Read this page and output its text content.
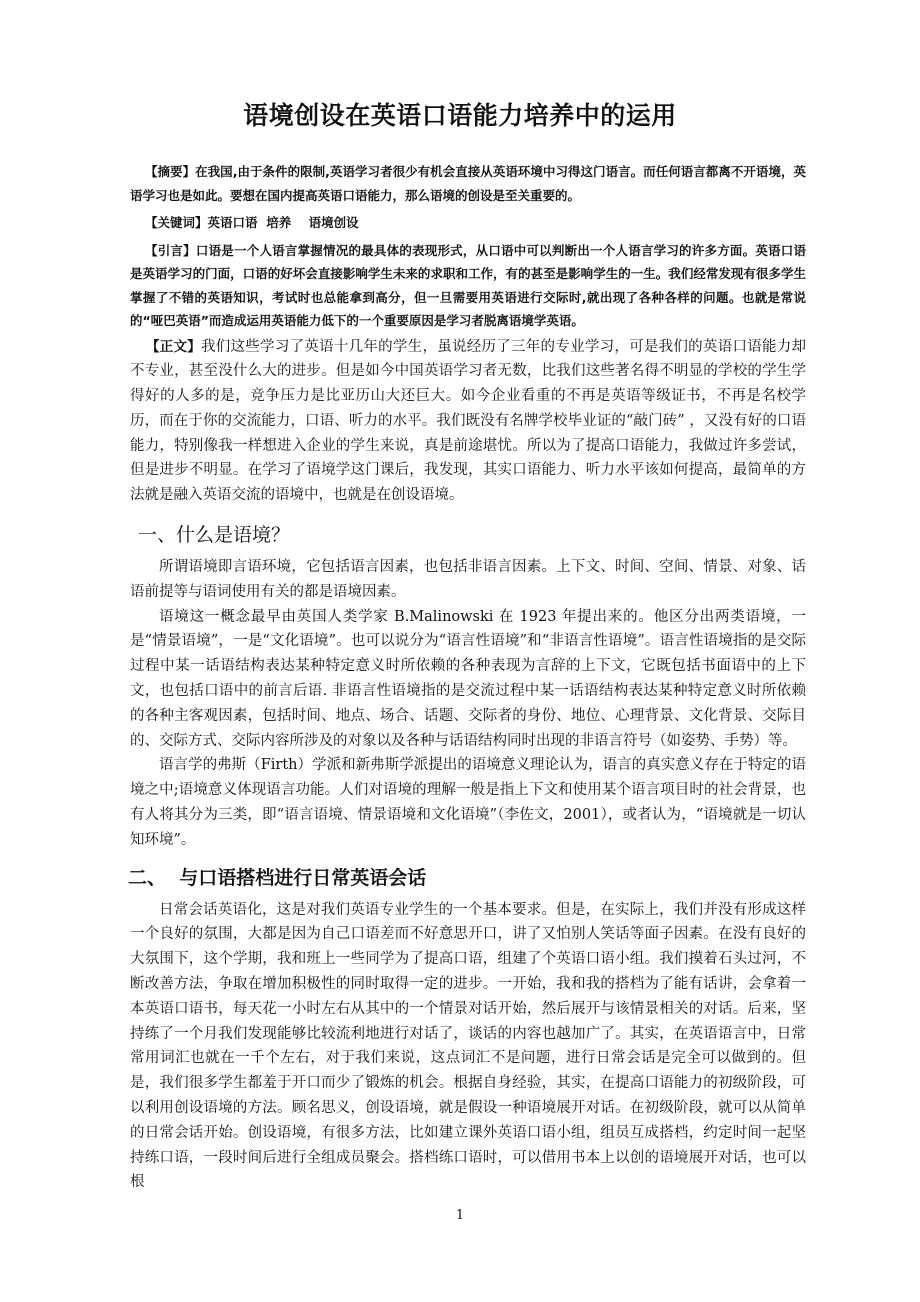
语境创设在英语口语能力培养中的运用

【摘要】在我国,由于条件的限制,英语学习者很少有机会直接从英语环境中习得这门语言。而任何语言都离不开语境，英语学习也是如此。要想在国内提高英语口语能力，那么语境的创设是至关重要的。

【关键词】英语口语  培养    语境创设

【引言】口语是一个人语言掌握情况的最具体的表现形式，从口语中可以判断出一个人语言学习的许多方面。英语口语是英语学习的门面，口语的好坏会直接影响学生未来的求职和工作，有的甚至是影响学生的一生。我们经常发现有很多学生掌握了不错的英语知识，考试时也总能拿到高分，但一旦需要用英语进行交际时,就出现了各种各样的问题。也就是常说的“哑巴英语”而造成运用英语能力低下的一个重要原因是学习者脱离语境学英语。

【正文】我们这些学习了英语十几年的学生，虽说经历了三年的专业学习，可是我们的英语口语能力却不专业，甚至没什么大的进步。但是如今中国英语学习者无数，比我们这些著名得不明显的学校的学生学得好的人多的是，竞争压力是比亚历山大还巨大。如今企业看重的不再是英语等级证书，不再是名校学历，而在于你的交流能力，口语、听力的水平。我们既没有名牌学校毕业证的“敲门砖” ，又没有好的口语能力，特别像我一样想进入企业的学生来说，真是前途堪忧。所以为了提高口语能力，我做过许多尝试，但是进步不明显。在学习了语境学这门课后，我发现，其实口语能力、听力水平该如何提高，最简单的方法就是融入英语交流的语境中，也就是在创设语境。

一、什么是语境？

所谓语境即言语环境，它包括语言因素，也包括非语言因素。上下文、时间、空间、情景、对象、话语前提等与语词使用有关的都是语境因素。

语境这一概念最早由英国人类学家 B.Malinowski 在 1923 年提出来的。他区分出两类语境，一是“情景语境”，一是“文化语境”。也可以说分为“语言性语境”和“非语言性语境”。语言性语境指的是交际过程中某一话语结构表达某种特定意义时所依赖的各种表现为言辞的上下文，它既包括书面语中的上下文，也包括口语中的前言后语. 非语言性语境指的是交流过程中某一话语结构表达某种特定意义时所依赖的各种主客观因素，包括时间、地点、场合、话题、交际者的身份、地位、心理背景、文化背景、交际目的、交际方式、交际内容所涉及的对象以及各种与话语结构同时出现的非语言符号（如姿势、手势）等。

语言学的弗斯（Firth）学派和新弗斯学派提出的语境意义理论认为，语言的真实意义存在于特定的语境之中;语境意义体现语言功能。人们对语境的理解一般是指上下文和使用某个语言项目时的社会背景，也有人将其分为三类，即“语言语境、情景语境和文化语境”（李佐文，2001），或者认为，“语境就是一切认知环境”。

二、  与口语搭档进行日常英语会话

日常会话英语化，这是对我们英语专业学生的一个基本要求。但是，在实际上，我们并没有形成这样一个良好的氛围，大都是因为自己口语差而不好意思开口，讲了又怕别人笑话等面子因素。在没有良好的大氛围下，这个学期，我和班上一些同学为了提高口语，组建了个英语口语小组。我们摸着石头过河，不断改善方法，争取在增加积极性的同时取得一定的进步。一开始，我和我的搭档为了能有话讲，会拿着一本英语口语书，每天花一小时左右从其中的一个情景对话开始，然后展开与该情景相关的对话。后来，坚持练了一个月我们发现能够比较流利地进行对话了，谈话的内容也越加广了。其实，在英语语言中，日常常用词汇也就在一千个左右，对于我们来说，这点词汇不是问题，进行日常会话是完全可以做到的。但是，我们很多学生都羞于开口而少了锻炼的机会。根据自身经验，其实，在提高口语能力的初级阶段，可以利用创设语境的方法。顾名思义，创设语境，就是假设一种语境展开对话。在初级阶段，就可以从简单的日常会话开始。创设语境，有很多方法，比如建立课外英语口语小组，组员互成搭档，约定时间一起坚持练口语，一段时间后进行全组成员聚会。搭档练口语时，可以借用书本上以创的语境展开对话，也可以根

1
